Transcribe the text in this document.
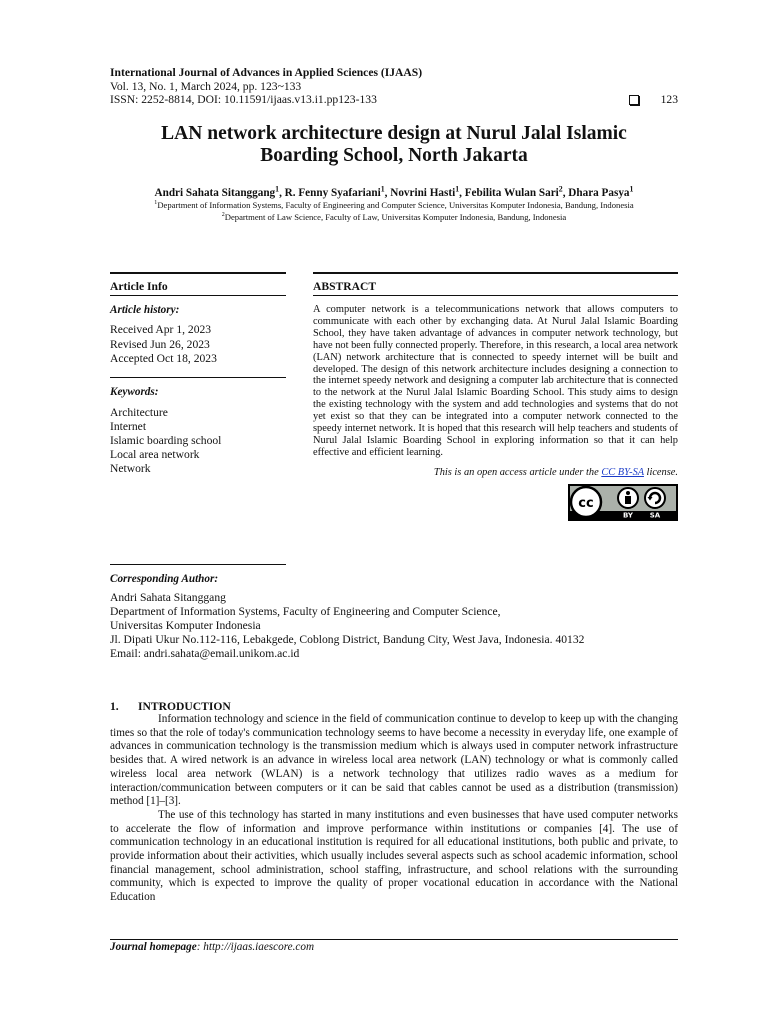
International Journal of Advances in Applied Sciences (IJAAS)
Vol. 13, No. 1, March 2024, pp. 123~133
ISSN: 2252-8814, DOI: 10.11591/ijaas.v13.i1.pp123-133	123
LAN network architecture design at Nurul Jalal Islamic
Boarding School, North Jakarta
Andri Sahata Sitanggang$^1$, R. Fenny Syafariani$^1$, Novrini Hasti$^1$, Febilita Wulan Sari$^2$, Dhara Pasya$^1$
$^1$Department of Information Systems, Faculty of Engineering and Computer Science, Universitas Komputer Indonesia, Bandung, Indonesia
$^2$Department of Law Science, Faculty of Law, Universitas Komputer Indonesia, Bandung, Indonesia
Article Info
Article history:
Received Apr 1, 2023
Revised Jun 26, 2023
Accepted Oct 18, 2023
Keywords:
Architecture
Internet
Islamic boarding school
Local area network
Network
ABSTRACT
A computer network is a telecommunications network that allows computers to communicate with each other by exchanging data. At Nurul Jalal Islamic Boarding School, they have taken advantage of advances in computer network technology, but have not been fully connected properly. Therefore, in this research, a local area network (LAN) network architecture that is connected to speedy internet will be built and developed. The design of this network architecture includes designing a connection to the internet speedy network and designing a computer lab architecture that is connected to the network at the Nurul Jalal Islamic Boarding School. This study aims to design the existing technology with the system and add technologies and systems that do not yet exist so that they can be integrated into a computer network connected to the speedy internet network. It is hoped that this research will help teachers and students of Nurul Jalal Islamic Boarding School in exploring information so that it can help effective and efficient learning.
This is an open access article under the CC BY-SA license.
cc
BY SA
Corresponding Author:
Andri Sahata Sitanggang
Department of Information Systems, Faculty of Engineering and Computer Science,
Universitas Komputer Indonesia
Jl. Dipati Ukur No.112-116, Lebakgede, Coblong District, Bandung City, West Java, Indonesia. 40132
Email: andri.sahata@email.unikom.ac.id
1. INTRODUCTION

Information technology and science in the field of communication continue to develop to keep up with the changing times so that the role of today's communication technology seems to have become a necessity in everyday life, one example of advances in communication technology is the transmission medium which is always used in computer network infrastructure besides that. A wired network is an advance in wireless local area network (LAN) technology or what is commonly called wireless local area network (WLAN) is a network technology that utilizes radio waves as a medium for interaction/communication between computers or it can be said that cables cannot be used as a distribution (transmission) method [1]–[3].

The use of this technology has started in many institutions and even businesses that have used computer networks to accelerate the flow of information and improve performance within institutions or companies [4]. The use of communication technology in an educational institution is required for all educational institutions, both public and private, to provide information about their activities, which usually includes several aspects such as school academic information, school financial management, school administration, school staffing, infrastructure, and school relations with the surrounding community, which is expected to improve the quality of proper vocational education in accordance with the National Education

Journal homepage: http://ijaas.iaescore.com
